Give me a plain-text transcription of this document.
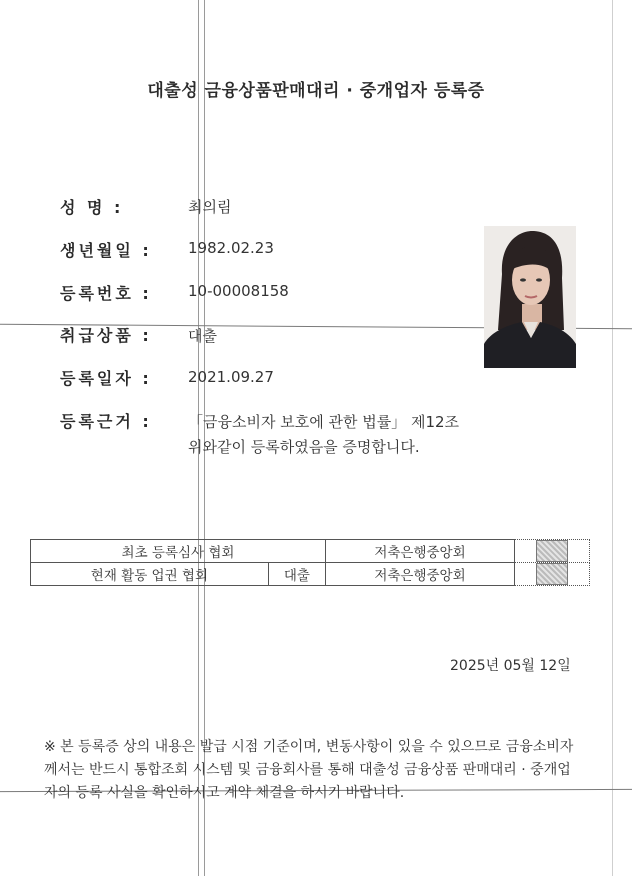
대출성 금융상품판매대리 · 중개업자 등록증
성 명 :	최의림
생년월일 : 1982.02.23
등록번호 : 10-00008158
취급상품 : 대출
등록일자 : 2021.09.27
등록근거 : 「금융소비자 보호에 관한 법률」 제12조 위와같이 등록하였음을 증명합니다.
최초 등록심사 협회		저축은행중앙회	
현재 활동 업권 협회	대출	저축은행중앙회	
2025년 05월 12일
※ 본 등록증 상의 내용은 발급 시점 기준이며, 변동사항이 있을 수 있으므로 금융소비자께서는 반드시 통합조회 시스템 및 금융회사를 통해 대출성 금융상품 판매대리 · 중개업자의 등록 사실을 확인하시고 계약 체결을 하시기 바랍니다.
